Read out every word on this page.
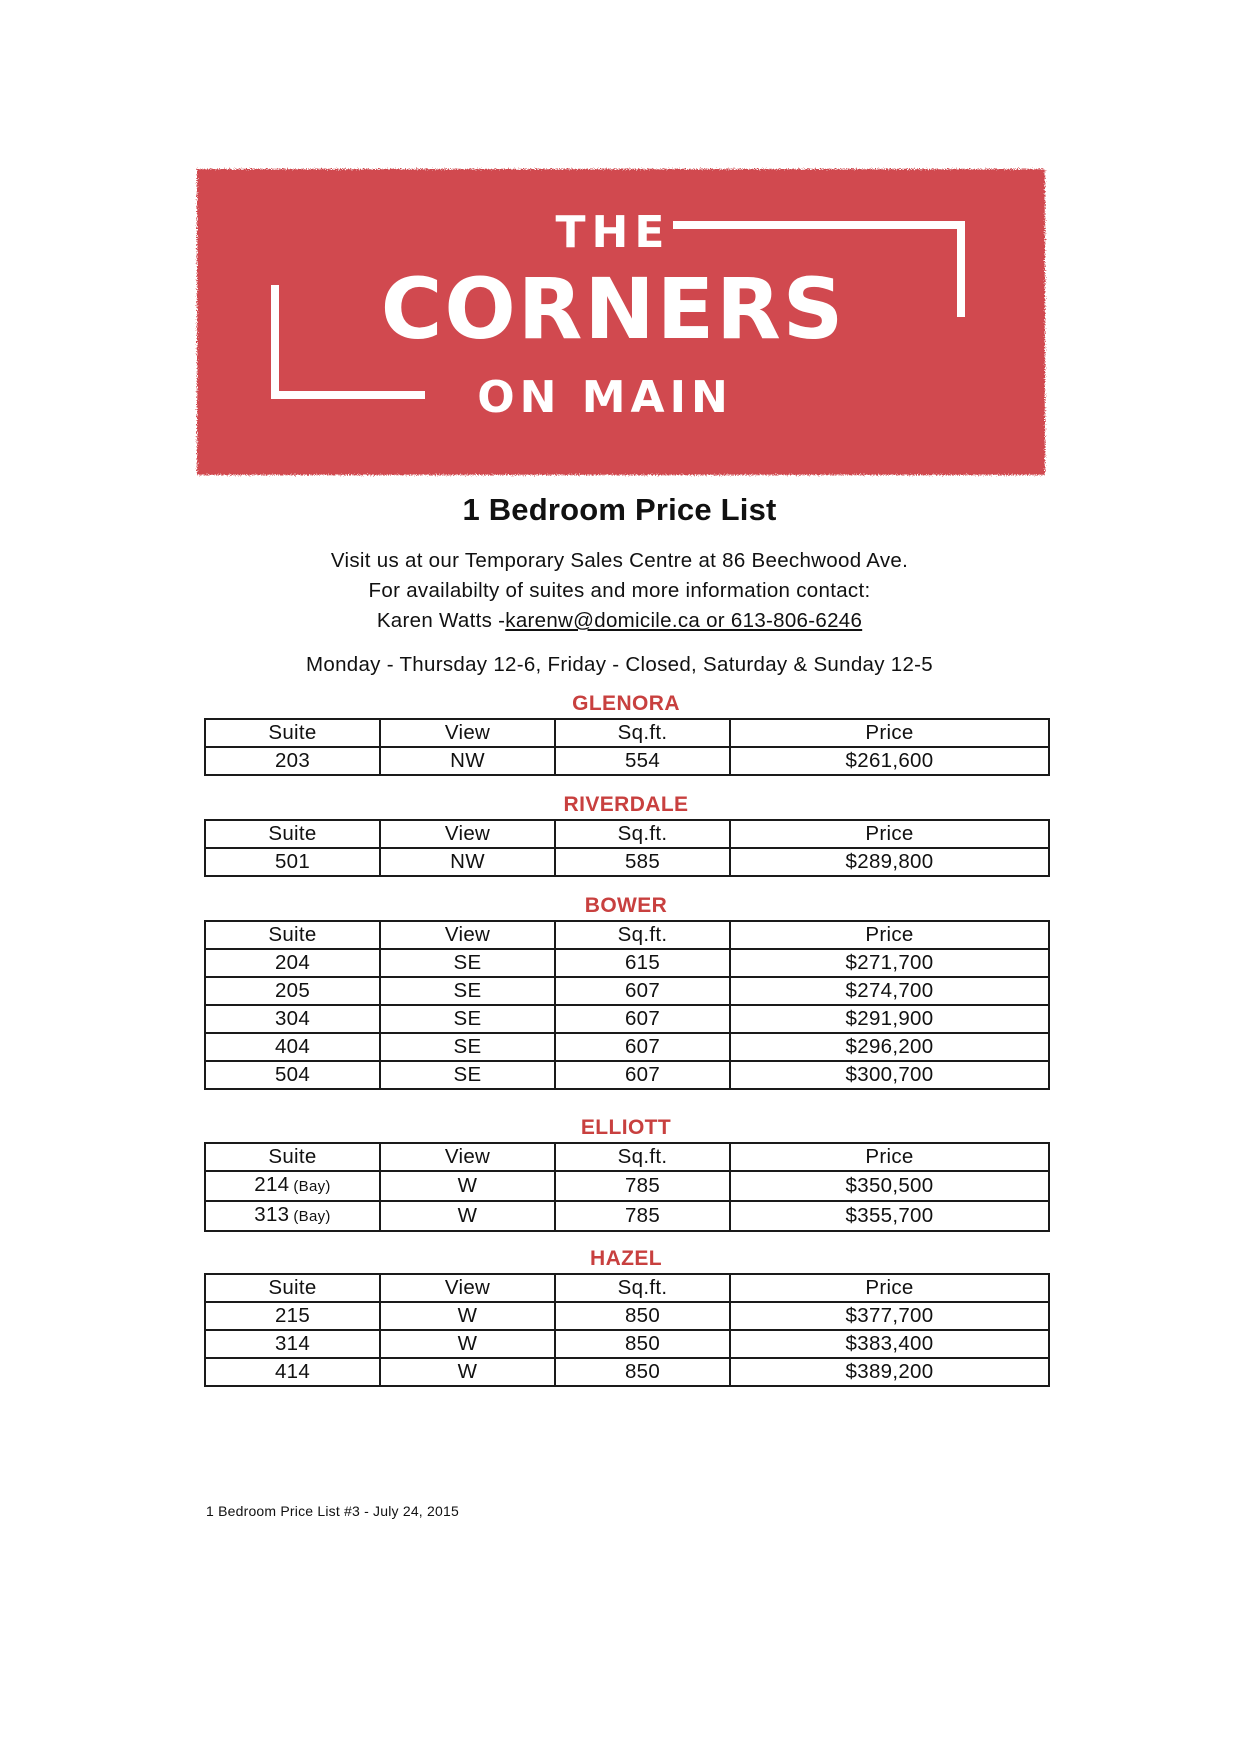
THE
CORNERS
ON MAIN
1 Bedroom Price List
Visit us at our Temporary Sales Centre at 86 Beechwood Ave.
For availabilty of suites and more information contact:
Karen Watts -karenw@domicile.ca or 613-806-6246
Monday - Thursday 12-6, Friday - Closed, Saturday & Sunday 12-5
GLENORA
Suite	View	Sq.ft.	Price
203	NW	554	$261,600
RIVERDALE
Suite	View	Sq.ft.	Price
501	NW	585	$289,800
BOWER
Suite	View	Sq.ft.	Price
204	SE	615	$271,700
205	SE	607	$274,700
304	SE	607	$291,900
404	SE	607	$296,200
504	SE	607	$300,700
ELLIOTT
Suite	View	Sq.ft.	Price
214 (Bay)	W	785	$350,500
313 (Bay)	W	785	$355,700
HAZEL
Suite	View	Sq.ft.	Price
215	W	850	$377,700
314	W	850	$383,400
414	W	850	$389,200
1 Bedroom Price List #3 - July 24, 2015
